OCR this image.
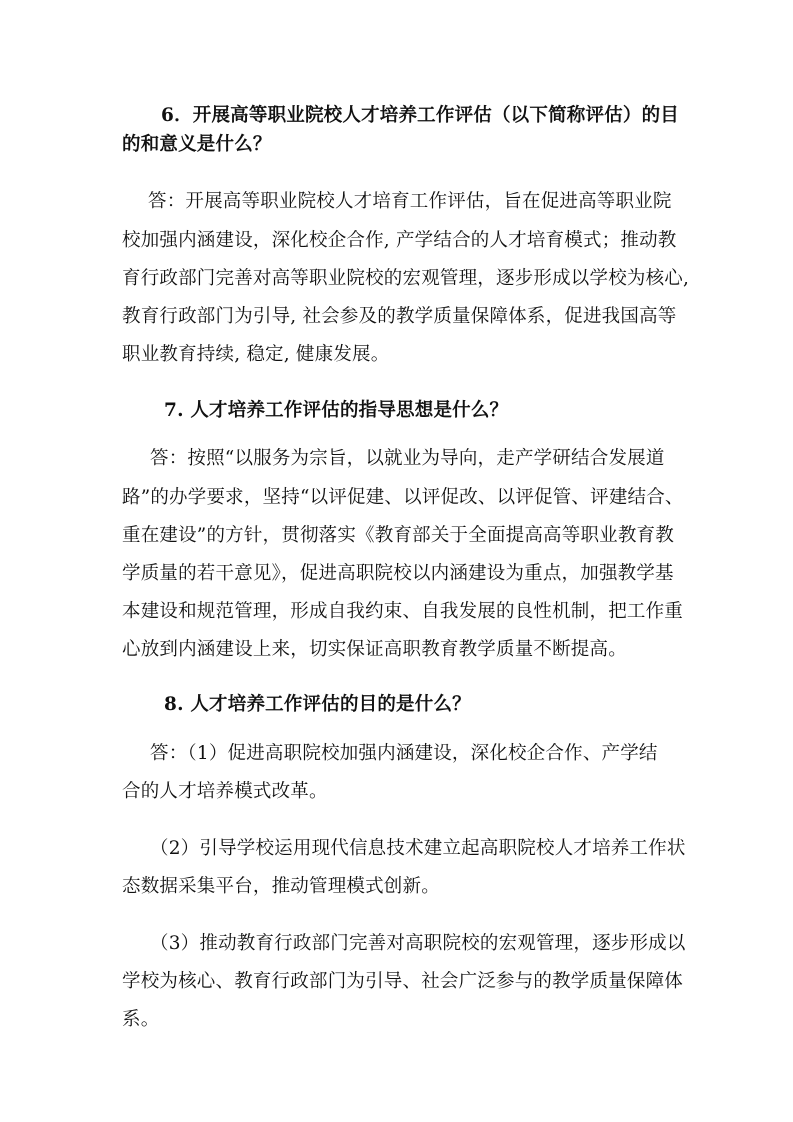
6．开展高等职业院校人才培养工作评估（以下简称评估）的目
的和意义是什么？
答：开展高等职业院校人才培育工作评估，旨在促进高等职业院
校加强内涵建设，深化校企合作, 产学结合的人才培育模式；推动教
育行政部门完善对高等职业院校的宏观管理，逐步形成以学校为核心,
教育行政部门为引导, 社会参及的教学质量保障体系，促进我国高等
职业教育持续, 稳定, 健康发展。
7. 人才培养工作评估的指导思想是什么？
答：按照“以服务为宗旨，以就业为导向，走产学研结合发展道
路”的办学要求，坚持“以评促建、以评促改、以评促管、评建结合、
重在建设”的方针，贯彻落实《教育部关于全面提高高等职业教育教
学质量的若干意见》，促进高职院校以内涵建设为重点，加强教学基
本建设和规范管理，形成自我约束、自我发展的良性机制，把工作重
心放到内涵建设上来，切实保证高职教育教学质量不断提高。
8. 人才培养工作评估的目的是什么？
答：（1）促进高职院校加强内涵建设，深化校企合作、产学结
合的人才培养模式改革。
（2）引导学校运用现代信息技术建立起高职院校人才培养工作状
态数据采集平台，推动管理模式创新。
（3）推动教育行政部门完善对高职院校的宏观管理，逐步形成以
学校为核心、教育行政部门为引导、社会广泛参与的教学质量保障体
系。
